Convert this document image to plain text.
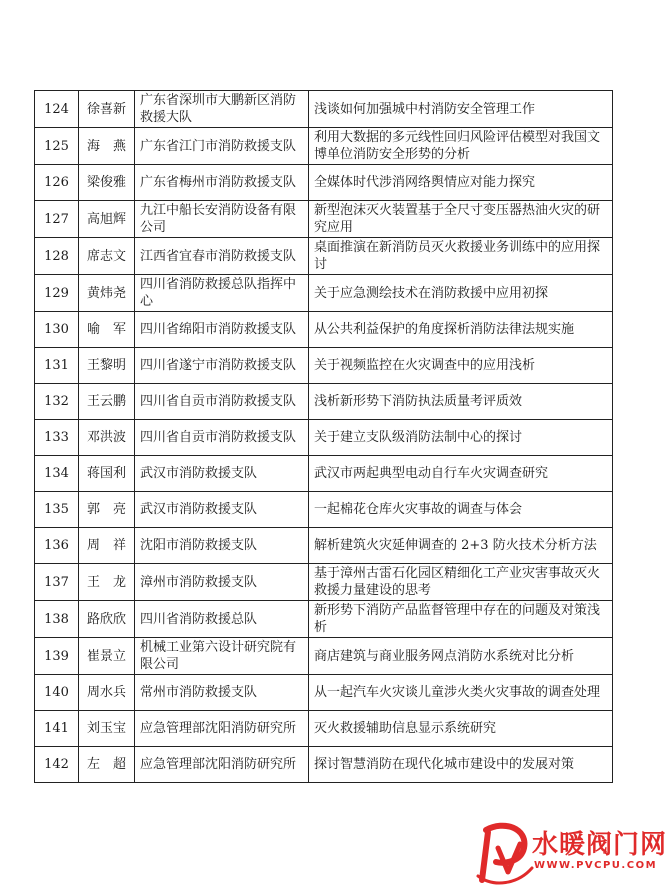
124	徐喜新	广东省深圳市大鹏新区消防救援大队	浅谈如何加强城中村消防安全管理工作
125	海　燕	广东省江门市消防救援支队	利用大数据的多元线性回归风险评估模型对我国文博单位消防安全形势的分析
126	梁俊雅	广东省梅州市消防救援支队	全媒体时代涉消网络舆情应对能力探究
127	高旭辉	九江中船长安消防设备有限公司	新型泡沫灭火装置基于全尺寸变压器热油火灾的研究应用
128	席志文	江西省宜春市消防救援支队	桌面推演在新消防员灭火救援业务训练中的应用探讨
129	黄炜尧	四川省消防救援总队指挥中心	关于应急测绘技术在消防救援中应用初探
130	喻　军	四川省绵阳市消防救援支队	从公共利益保护的角度探析消防法律法规实施
131	王黎明	四川省遂宁市消防救援支队	关于视频监控在火灾调查中的应用浅析
132	王云鹏	四川省自贡市消防救援支队	浅析新形势下消防执法质量考评质效
133	邓洪波	四川省自贡市消防救援支队	关于建立支队级消防法制中心的探讨
134	蒋国利	武汉市消防救援支队	武汉市两起典型电动自行车火灾调查研究
135	郭　亮	武汉市消防救援支队	一起棉花仓库火灾事故的调查与体会
136	周　祥	沈阳市消防救援支队	解析建筑火灾延伸调查的 2+3 防火技术分析方法
137	王　龙	漳州市消防救援支队	基于漳州古雷石化园区精细化工产业灾害事故灭火救援力量建设的思考
138	路欣欣	四川省消防救援总队	新形势下消防产品监督管理中存在的问题及对策浅析
139	崔景立	机械工业第六设计研究院有限公司	商店建筑与商业服务网点消防水系统对比分析
140	周水兵	常州市消防救援支队	从一起汽车火灾谈儿童涉火类火灾事故的调查处理
141	刘玉宝	应急管理部沈阳消防研究所	灭火救援辅助信息显示系统研究
142	左　超	应急管理部沈阳消防研究所	探讨智慧消防在现代化城市建设中的发展对策
水暖阀门网
WWW.PVCPU.COM
